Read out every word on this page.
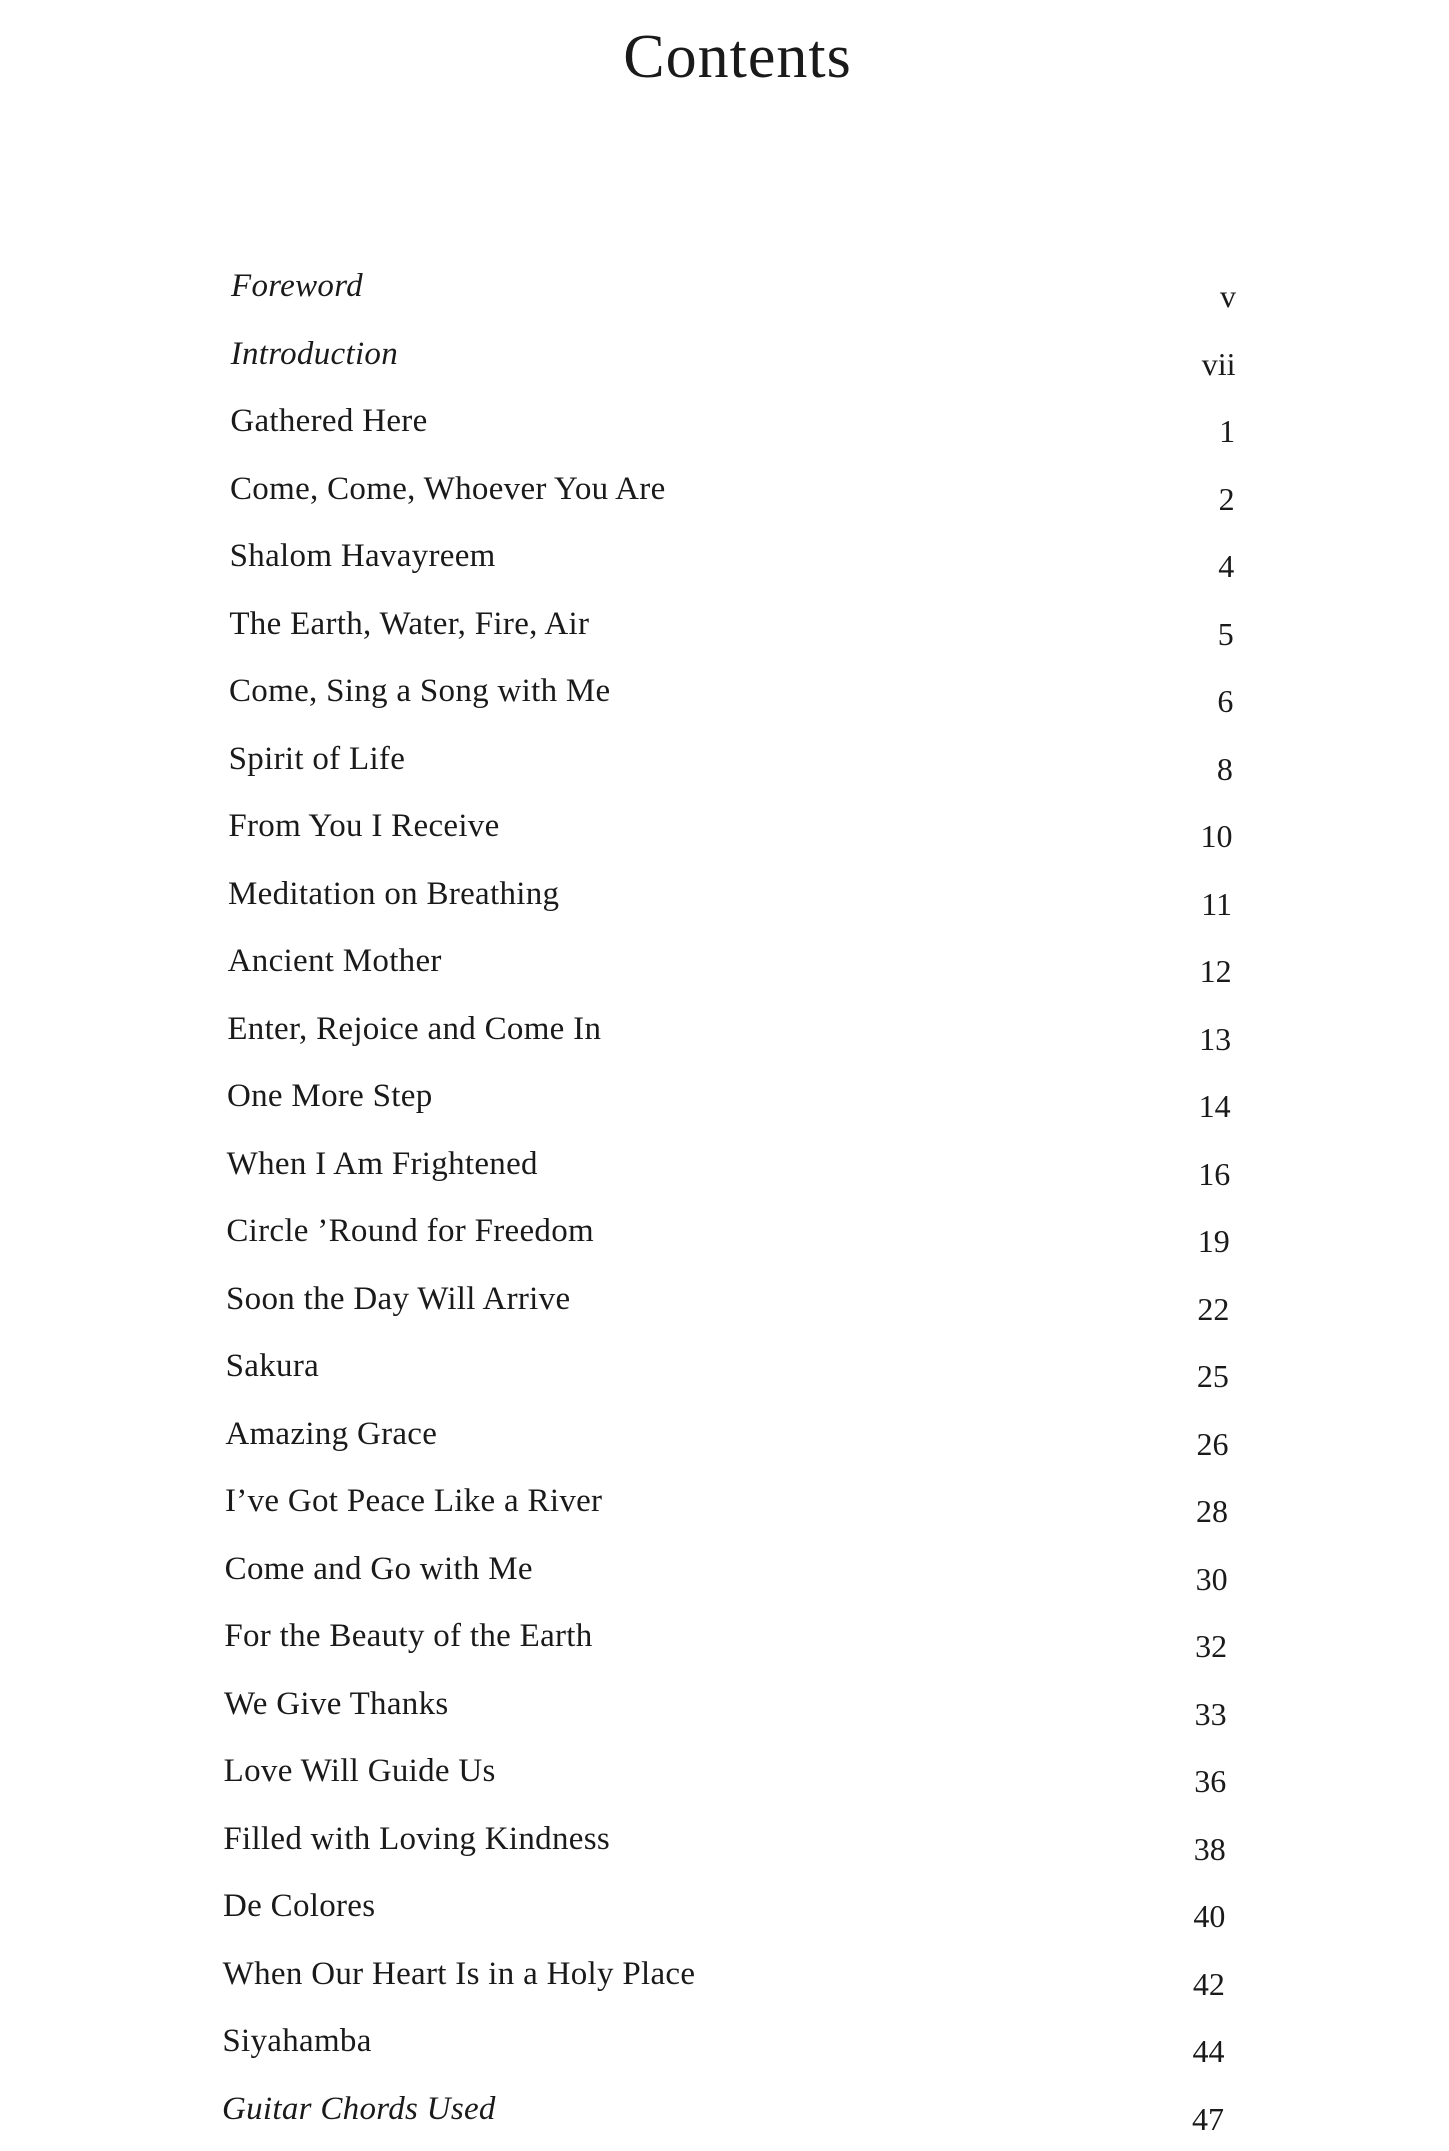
Contents
Foreword	v
Introduction	vii
Gathered Here	1
Come, Come, Whoever You Are	2
Shalom Havayreem	4
The Earth, Water, Fire, Air	5
Come, Sing a Song with Me	6
Spirit of Life	8
From You I Receive	10
Meditation on Breathing	11
Ancient Mother	12
Enter, Rejoice and Come In	13
One More Step	14
When I Am Frightened	16
Circle ’Round for Freedom	19
Soon the Day Will Arrive	22
Sakura	25
Amazing Grace	26
I’ve Got Peace Like a River	28
Come and Go with Me	30
For the Beauty of the Earth	32
We Give Thanks	33
Love Will Guide Us	36
Filled with Loving Kindness	38
De Colores	40
When Our Heart Is in a Holy Place	42
Siyahamba	44
Guitar Chords Used	47
